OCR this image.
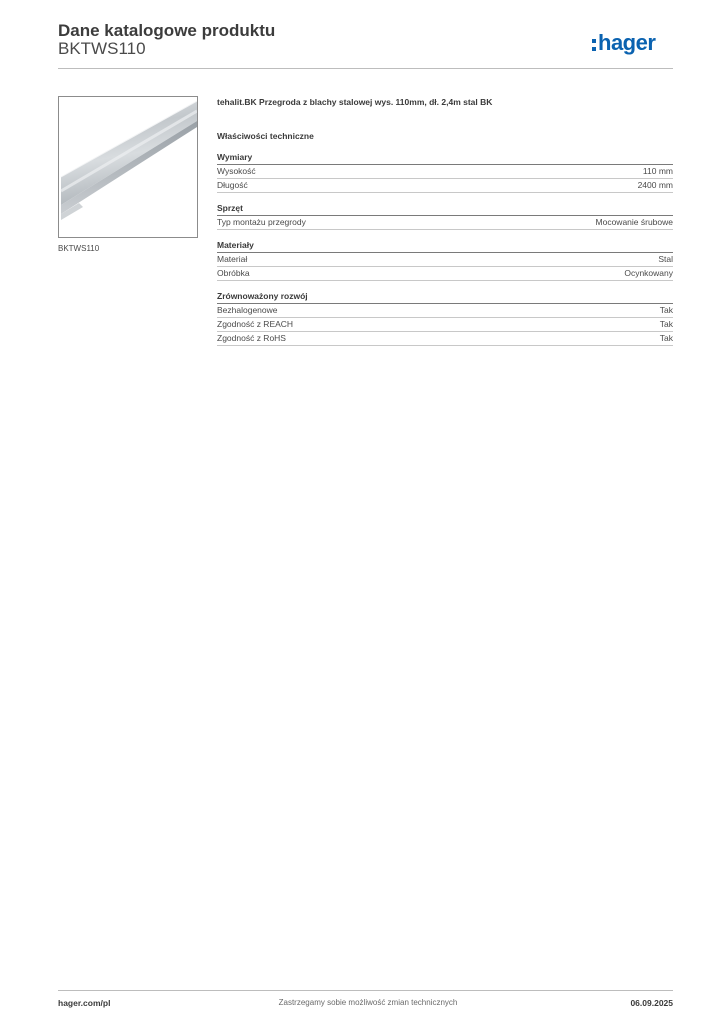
Dane katalogowe produktu
BKTWS110	hager
BKTWS110

tehalit.BK Przegroda z blachy stalowej wys. 110mm, dł. 2,4m stal BK

Właściwości techniczne
Wymiary
Wysokość	110 mm
Długość	2400 mm
Sprzęt
Typ montażu przegrody	Mocowanie śrubowe
Materiały
Materiał	Stal
Obróbka	Ocynkowany
Zrównoważony rozwój
Bezhalogenowe	Tak
Zgodność z REACH	Tak
Zgodność z RoHS	Tak
hager.com/pl	Zastrzegamy sobie możliwość zmian technicznych	06.09.2025
